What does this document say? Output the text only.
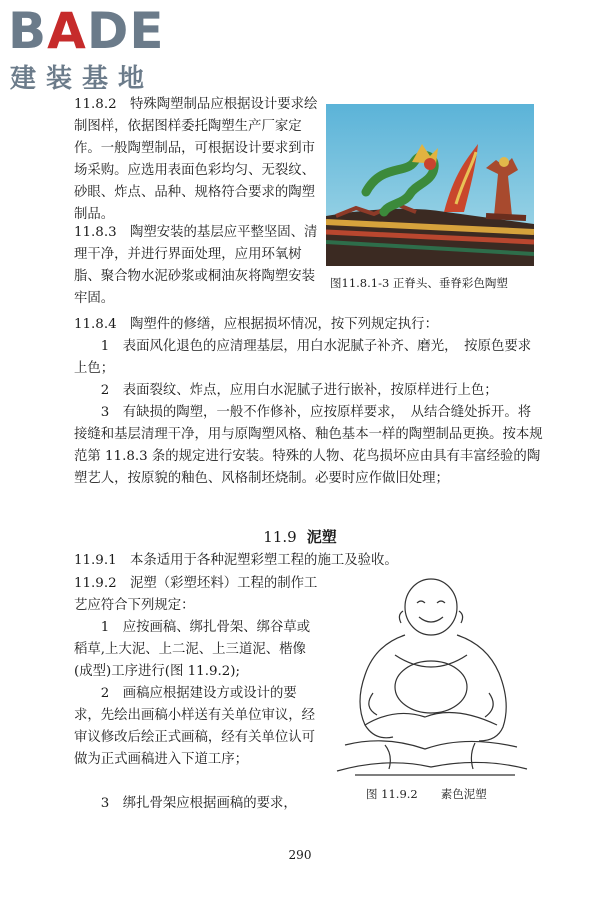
BADE
建装基地

11.8.2　特殊陶塑制品应根据设计要求绘制图样，依据图样委托陶塑生产厂家定作。一般陶塑制品，可根据设计要求到市场采购。应选用表面色彩均匀、无裂纹、砂眼、炸点、品种、规格符合要求的陶塑制品。

11.8.3　陶塑安装的基层应平整坚固、清理干净，并进行界面处理，应用环氧树脂、聚合物水泥砂浆或桐油灰将陶塑安装牢固。

图11.8.1-3 正脊头、垂脊彩色陶塑

11.8.4　陶塑件的修缮，应根据损坏情况，按下列规定执行：

1　表面风化退色的应清理基层，用白水泥腻子补齐、磨光，　按原色要求上色；

2　表面裂纹、炸点，应用白水泥腻子进行嵌补，按原样进行上色；

3　有缺损的陶塑，一般不作修补，应按原样要求，　从结合缝处拆开。将接缝和基层清理干净，用与原陶塑风格、釉色基本一样的陶塑制品更换。按本规范第 11.8.3 条的规定进行安装。特殊的人物、花鸟损坏应由具有丰富经验的陶塑艺人，按原貌的釉色、风格制坯烧制。必要时应作做旧处理；

11.9 泥塑

11.9.1　本条适用于各种泥塑彩塑工程的施工及验收。

11.9.2　泥塑（彩塑坯料）工程的制作工艺应符合下列规定：

1　应按画稿、绑扎骨架、绑谷草或稻草,上大泥、上二泥、上三道泥、楷像(成型)工序进行(图 11.9.2);

2　画稿应根据建设方或设计的要求，先绘出画稿小样送有关单位审议，经审议修改后绘正式画稿，经有关单位认可做为正式画稿进入下道工序；

3　绑扎骨架应根据画稿的要求，

图 11.9.2　　素色泥塑
290
